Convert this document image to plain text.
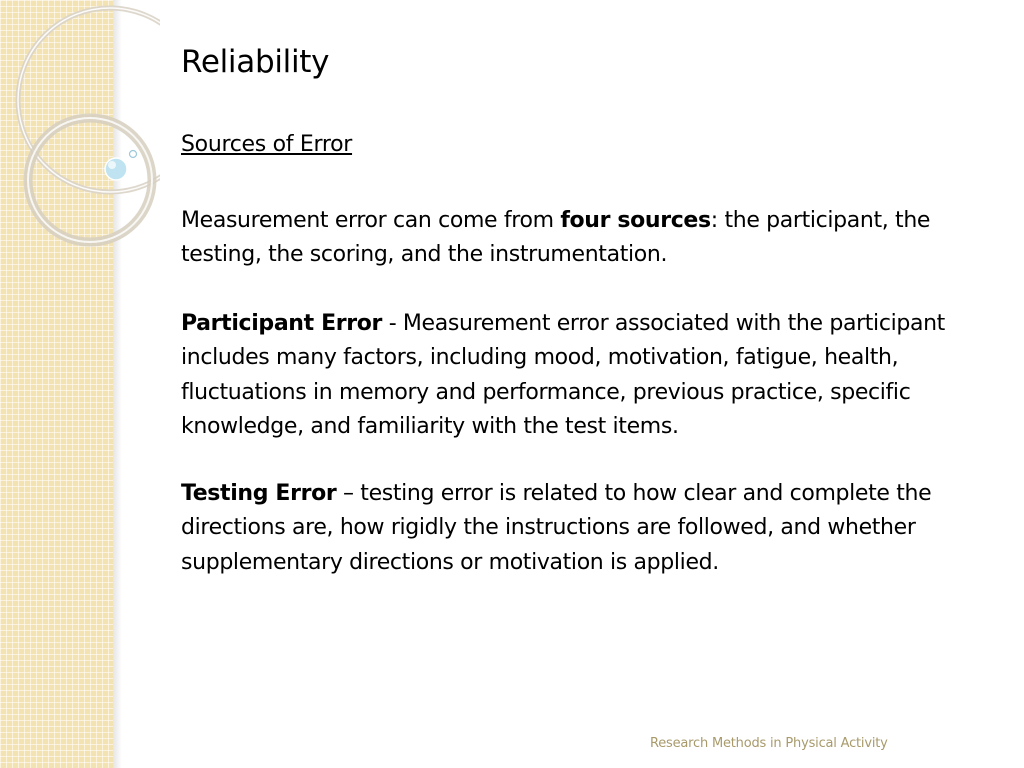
Reliability
Sources of Error

Measurement error can come from four sources: the participant, the testing, the scoring, and the instrumentation.

Participant Error - Measurement error associated with the participant includes many factors, including mood, motivation, fatigue, health, fluctuations in memory and performance, previous practice, specific knowledge, and familiarity with the test items.

Testing Error – testing error is related to how clear and complete the directions are, how rigidly the instructions are followed, and whether supplementary directions or motivation is applied.

Research Methods in Physical Activity
